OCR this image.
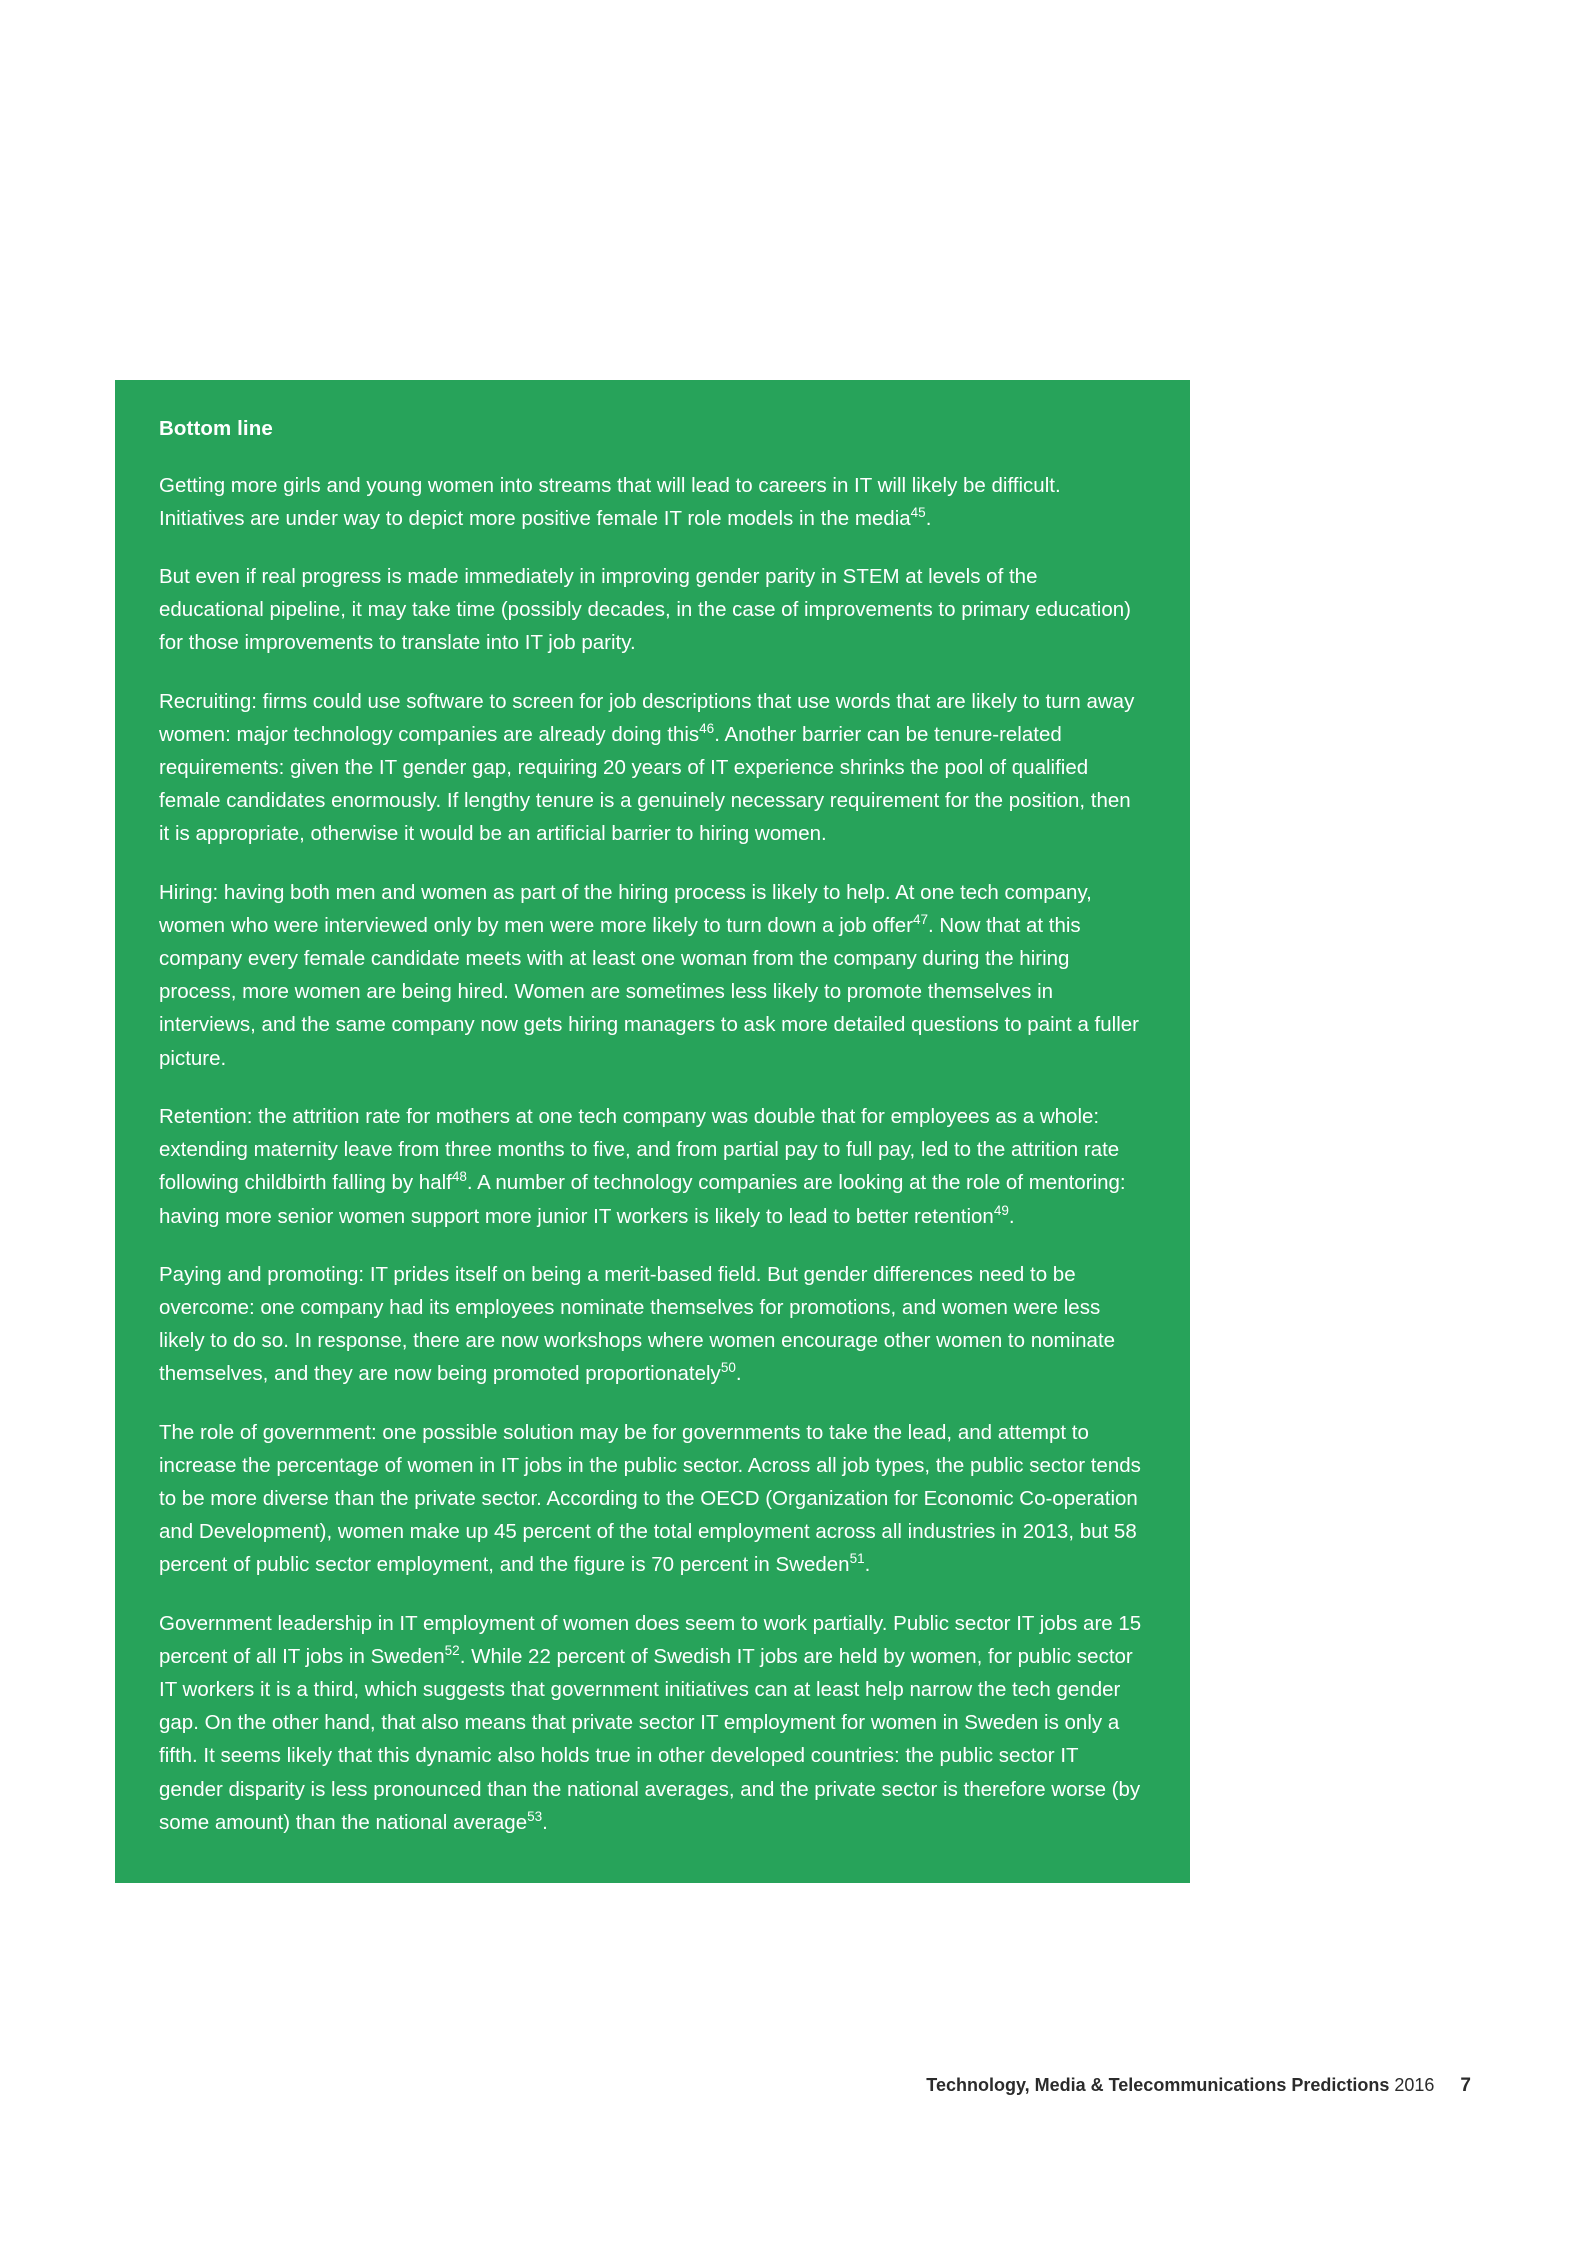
Bottom line

Getting more girls and young women into streams that will lead to careers in IT will likely be difficult. Initiatives are under way to depict more positive female IT role models in the media$^{45}$.

But even if real progress is made immediately in improving gender parity in STEM at levels of the educational pipeline, it may take time (possibly decades, in the case of improvements to primary education) for those improvements to translate into IT job parity.

Recruiting: firms could use software to screen for job descriptions that use words that are likely to turn away women: major technology companies are already doing this$^{46}$. Another barrier can be tenure-related requirements: given the IT gender gap, requiring 20 years of IT experience shrinks the pool of qualified female candidates enormously. If lengthy tenure is a genuinely necessary requirement for the position, then it is appropriate, otherwise it would be an artificial barrier to hiring women.

Hiring: having both men and women as part of the hiring process is likely to help. At one tech company, women who were interviewed only by men were more likely to turn down a job offer$^{47}$. Now that at this company every female candidate meets with at least one woman from the company during the hiring process, more women are being hired. Women are sometimes less likely to promote themselves in interviews, and the same company now gets hiring managers to ask more detailed questions to paint a fuller picture.

Retention: the attrition rate for mothers at one tech company was double that for employees as a whole: extending maternity leave from three months to five, and from partial pay to full pay, led to the attrition rate following childbirth falling by half$^{48}$. A number of technology companies are looking at the role of mentoring: having more senior women support more junior IT workers is likely to lead to better retention$^{49}$.

Paying and promoting: IT prides itself on being a merit-based field. But gender differences need to be overcome: one company had its employees nominate themselves for promotions, and women were less likely to do so. In response, there are now workshops where women encourage other women to nominate themselves, and they are now being promoted proportionately$^{50}$.

The role of government: one possible solution may be for governments to take the lead, and attempt to increase the percentage of women in IT jobs in the public sector. Across all job types, the public sector tends to be more diverse than the private sector. According to the OECD (Organization for Economic Co-operation and Development), women make up 45 percent of the total employment across all industries in 2013, but 58 percent of public sector employment, and the figure is 70 percent in Sweden$^{51}$.

Government leadership in IT employment of women does seem to work partially. Public sector IT jobs are 15 percent of all IT jobs in Sweden$^{52}$. While 22 percent of Swedish IT jobs are held by women, for public sector IT workers it is a third, which suggests that government initiatives can at least help narrow the tech gender gap. On the other hand, that also means that private sector IT employment for women in Sweden is only a fifth. It seems likely that this dynamic also holds true in other developed countries: the public sector IT gender disparity is less pronounced than the national averages, and the private sector is therefore worse (by some amount) than the national average$^{53}$.

Technology, Media & Telecommunications Predictions 2016 7
